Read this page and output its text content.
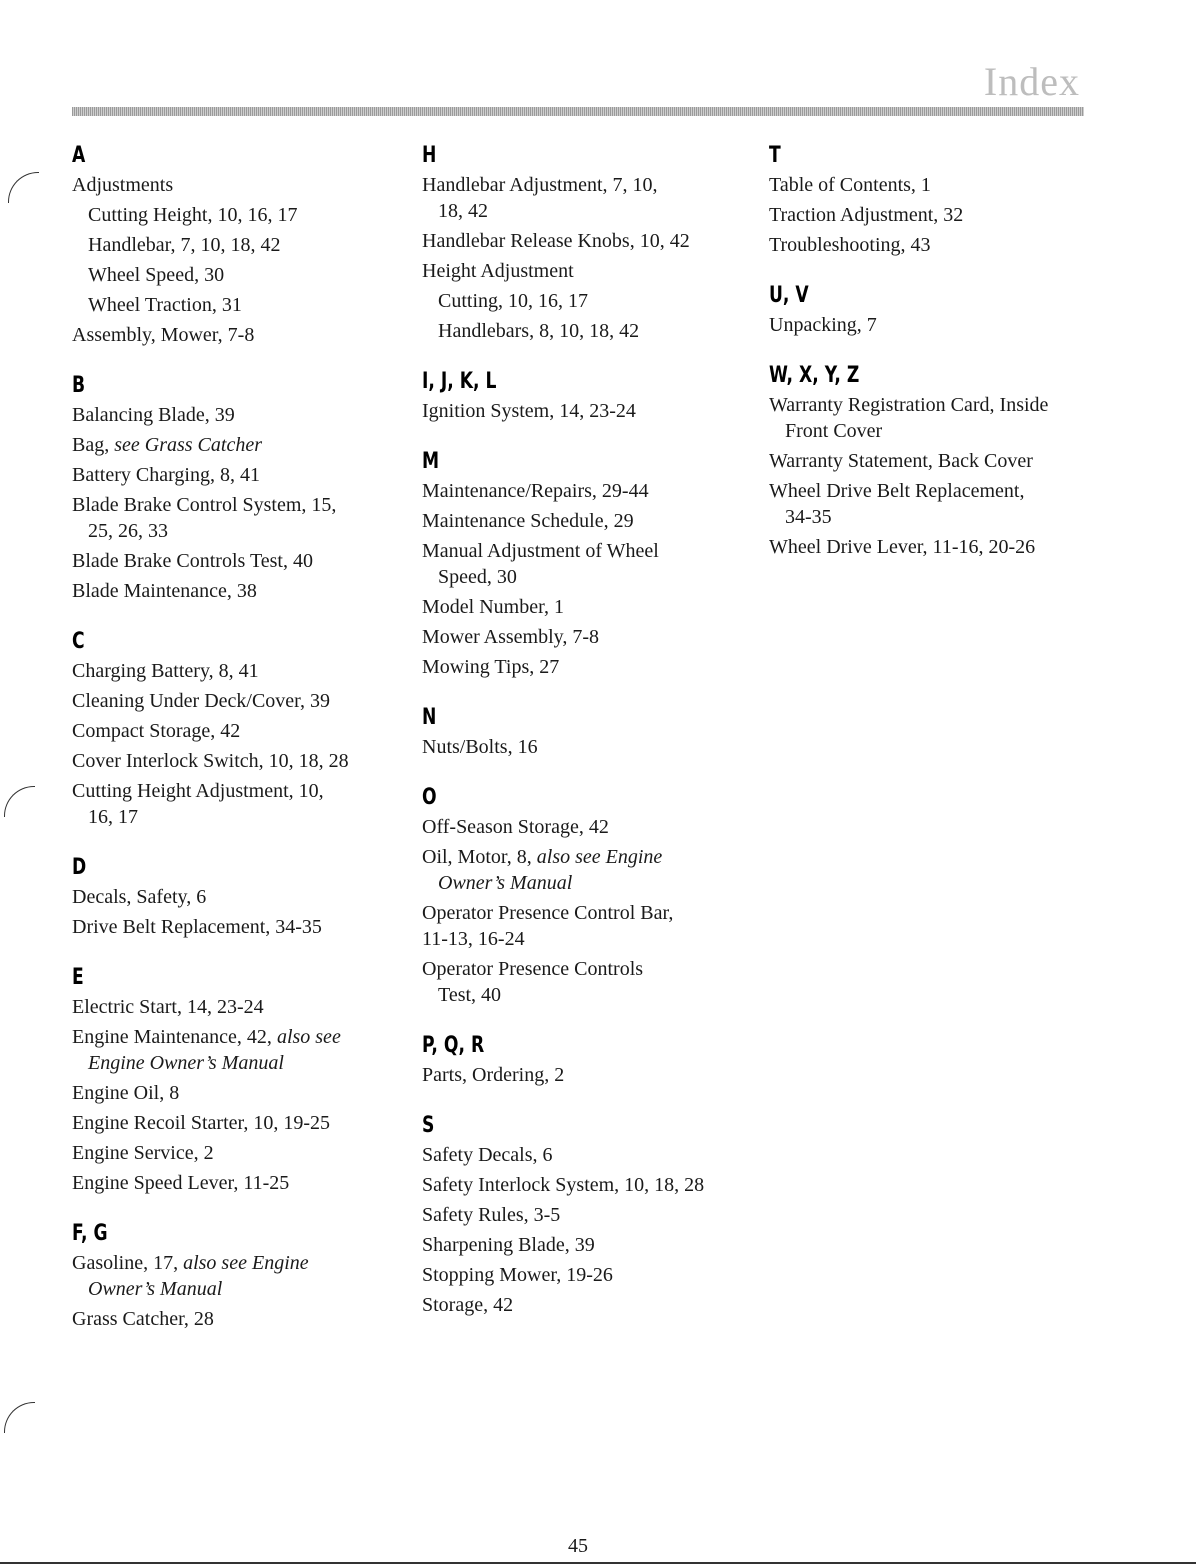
Index
A
Adjustments
Cutting Height, 10, 16, 17
Handlebar, 7, 10, 18, 42
Wheel Speed, 30
Wheel Traction, 31
Assembly, Mower, 7-8
B
Balancing Blade, 39
Bag, see Grass Catcher
Battery Charging, 8, 41
Blade Brake Control System, 15,
25, 26, 33
Blade Brake Controls Test, 40
Blade Maintenance, 38
C
Charging Battery, 8, 41
Cleaning Under Deck/Cover, 39
Compact Storage, 42
Cover Interlock Switch, 10, 18, 28
Cutting Height Adjustment, 10,
16, 17
D
Decals, Safety, 6
Drive Belt Replacement, 34-35
E
Electric Start, 14, 23-24
Engine Maintenance, 42, also see
Engine Owner’s Manual
Engine Oil, 8
Engine Recoil Starter, 10, 19-25
Engine Service, 2
Engine Speed Lever, 11-25
F, G
Gasoline, 17, also see Engine
Owner’s Manual
Grass Catcher, 28
H
Handlebar Adjustment, 7, 10,
18, 42
Handlebar Release Knobs, 10, 42
Height Adjustment
Cutting, 10, 16, 17
Handlebars, 8, 10, 18, 42
I, J, K, L
Ignition System, 14, 23-24
M
Maintenance/Repairs, 29-44
Maintenance Schedule, 29
Manual Adjustment of Wheel
Speed, 30
Model Number, 1
Mower Assembly, 7-8
Mowing Tips, 27
N
Nuts/Bolts, 16
O
Off-Season Storage, 42
Oil, Motor, 8, also see Engine
Owner’s Manual
Operator Presence Control Bar,
11-13, 16-24
Operator Presence Controls
Test, 40
P, Q, R
Parts, Ordering, 2
S
Safety Decals, 6
Safety Interlock System, 10, 18, 28
Safety Rules, 3-5
Sharpening Blade, 39
Stopping Mower, 19-26
Storage, 42
T
Table of Contents, 1
Traction Adjustment, 32
Troubleshooting, 43
U, V
Unpacking, 7
W, X, Y, Z
Warranty Registration Card, Inside
Front Cover
Warranty Statement, Back Cover
Wheel Drive Belt Replacement,
34-35
Wheel Drive Lever, 11-16, 20-26
45
